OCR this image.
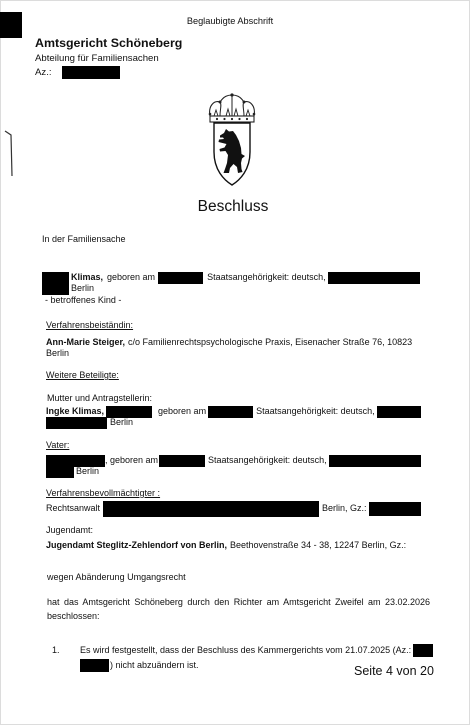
Beglaubigte Abschrift
Amtsgericht Schöneberg
Abteilung für Familiensachen
Az.:
Beschluss
In der Familiensache
Klimas, geboren am	Staatsangehörigkeit: deutsch,
Berlin
- betroffenes Kind -
Verfahrensbeiständin:
Ann-Marie Steiger, c/o Familienrechtspsychologische Praxis, Eisenacher Straße 76, 10823
Berlin
Weitere Beteiligte:
Mutter und Antragstellerin:
Ingke Klimas,	geboren am	Staatsangehörigkeit: deutsch,
Berlin
Vater:
, geboren am	Staatsangehörigkeit: deutsch,
Berlin
Verfahrensbevollmächtigter :
Rechtsanwalt	Berlin, Gz.:
Jugendamt:
Jugendamt Steglitz-Zehlendorf von Berlin, Beethovenstraße 34 - 38, 12247 Berlin, Gz.:
wegen Abänderung Umgangsrecht
hat das Amtsgericht Schöneberg durch den Richter am Amtsgericht Zweifel am 23.02.2026
beschlossen:
1. Es wird festgestellt, dass der Beschluss des Kammergerichts vom 21.07.2025 (Az.:
) nicht abzuändern ist.	Seite 4 von 20
